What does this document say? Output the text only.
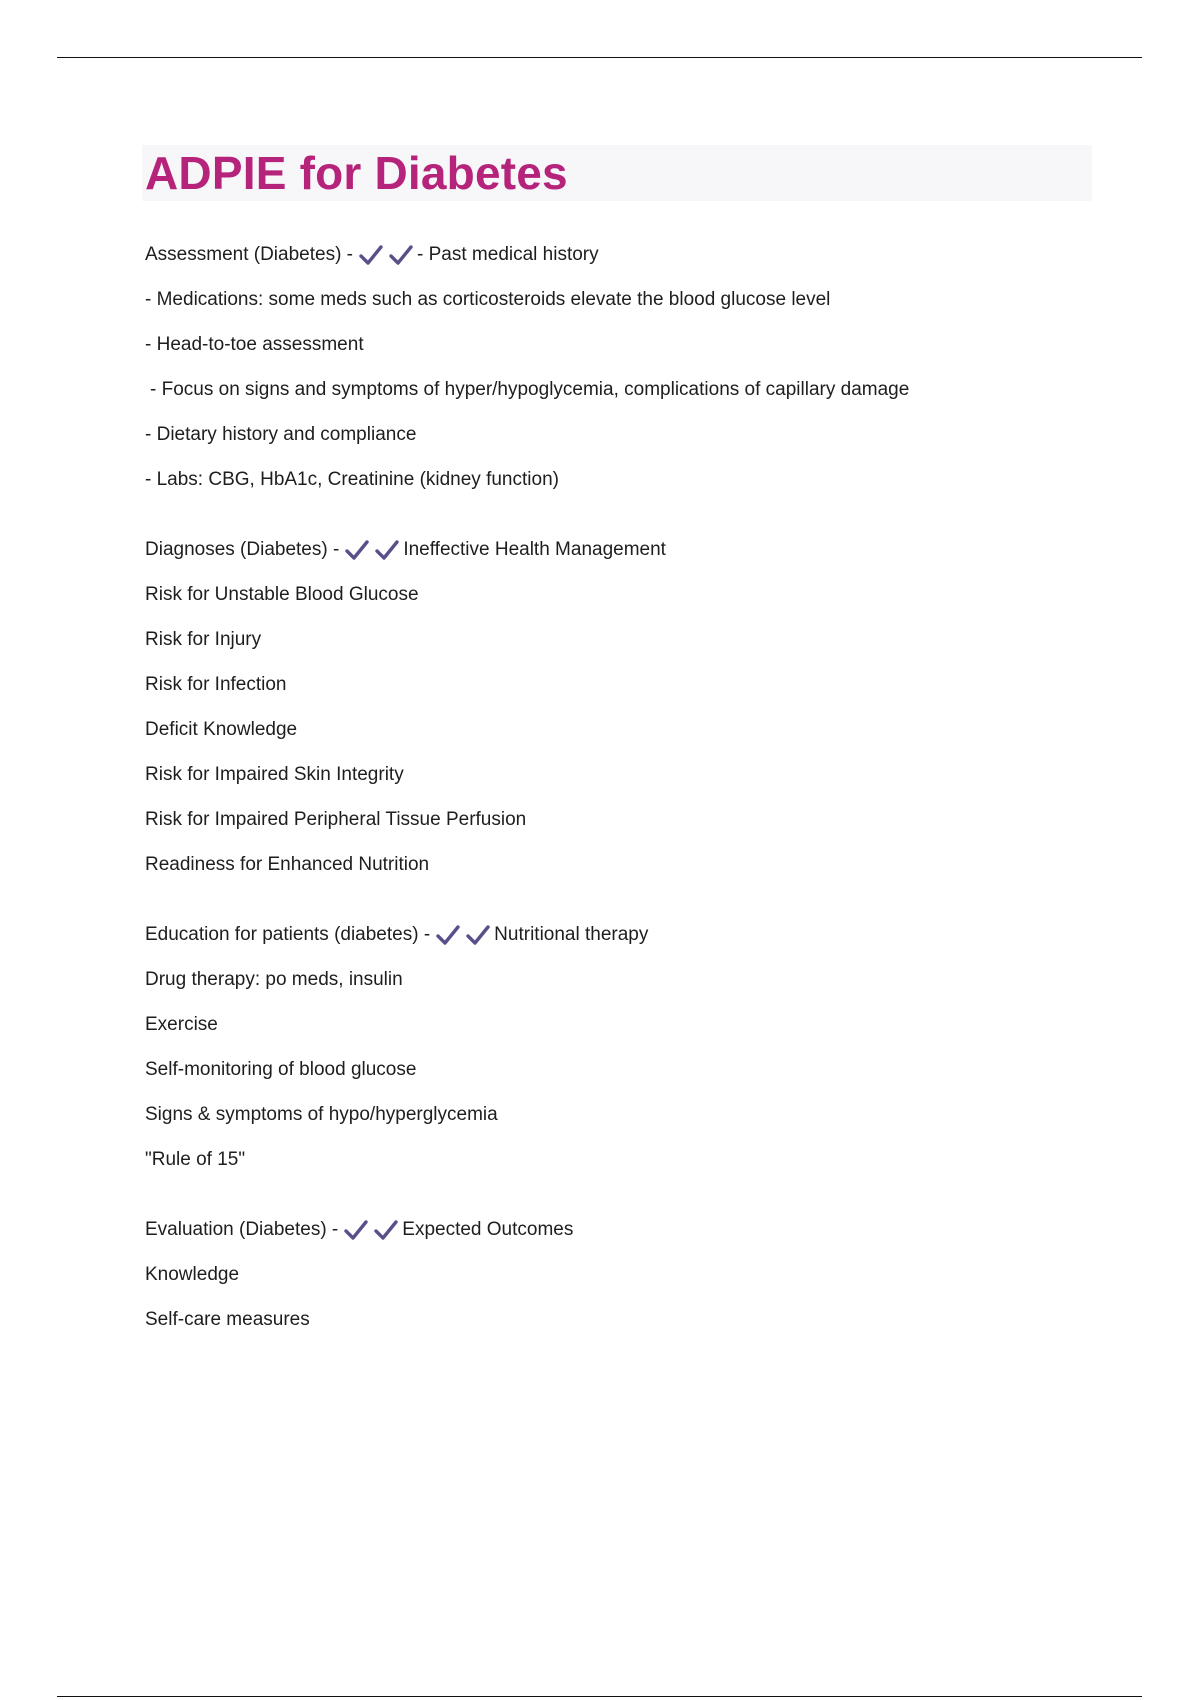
ADPIE for Diabetes
Assessment (Diabetes) -	- Past medical history
- Medications: some meds such as corticosteroids elevate the blood glucose level
- Head-to-toe assessment
- Focus on signs and symptoms of hyper/hypoglycemia, complications of capillary damage
- Dietary history and compliance
- Labs: CBG, HbA1c, Creatinine (kidney function)
Diagnoses (Diabetes) -	Ineffective Health Management
Risk for Unstable Blood Glucose
Risk for Injury
Risk for Infection
Deficit Knowledge
Risk for Impaired Skin Integrity
Risk for Impaired Peripheral Tissue Perfusion
Readiness for Enhanced Nutrition
Education for patients (diabetes) -	Nutritional therapy
Drug therapy: po meds, insulin
Exercise
Self-monitoring of blood glucose
Signs & symptoms of hypo/hyperglycemia
"Rule of 15"
Evaluation (Diabetes) -	Expected Outcomes
Knowledge
Self-care measures
